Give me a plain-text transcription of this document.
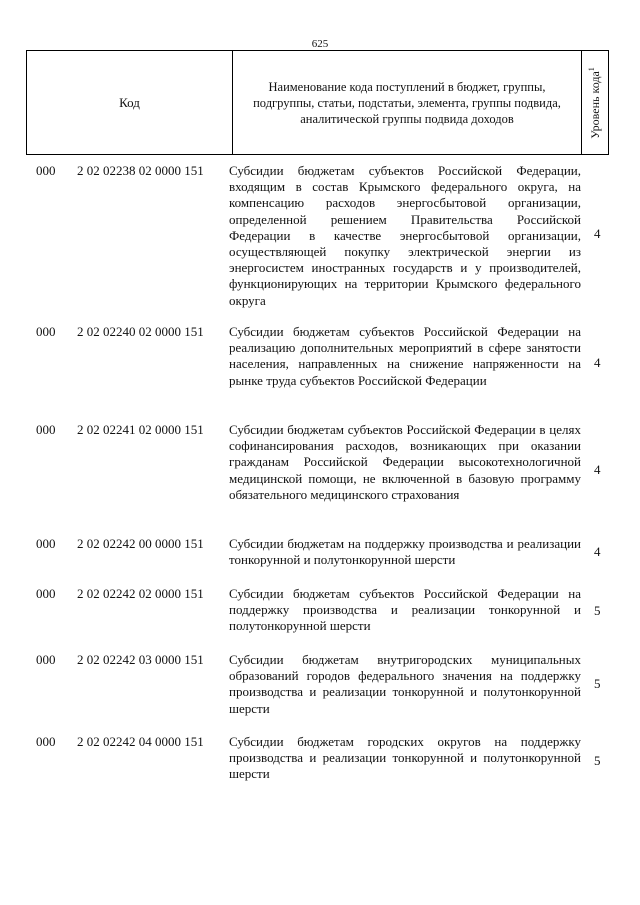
625
Код
Наименование кода поступлений в бюджет, группы, подгруппы, статьи, подстатьи, элемента, группы подвида, аналитической группы подвида доходов	Уровень кода$^1$
000 2 02 02238 02 0000 151 Субсидии бюджетам субъектов Российской Федерации, входящим в состав Крымского федерального округа, на компенсацию расходов энергосбытовой организации, определенной решением Правительства Российской Федерации в качестве энергосбытовой организации, осуществляющей покупку электрической энергии из энергосистем иностранных государств и у производителей, функционирующих на территории Крымского федерального округа
4
000 2 02 02240 02 0000 151 Субсидии бюджетам субъектов Российской Федерации на реализацию дополнительных мероприятий в сфере занятости населения, направленных на снижение напряженности на рынке труда субъектов Российской Федерации
4
000 2 02 02241 02 0000 151 Субсидии бюджетам субъектов Российской Федерации в целях софинансирования расходов, возникающих при оказании гражданам Российской Федерации высокотехнологичной медицинской помощи, не включенной в базовую программу обязательного медицинского страхования
4
000 2 02 02242 00 0000 151 Субсидии бюджетам на поддержку производства и реализации тонкорунной и полутонкорунной шерсти
4
000 2 02 02242 02 0000 151 Субсидии бюджетам субъектов Российской Федерации на поддержку производства и реализации тонкорунной и полутонкорунной шерсти
5
000 2 02 02242 03 0000 151 Субсидии бюджетам внутригородских муниципальных образований городов федерального значения на поддержку производства и реализации тонкорунной и полутонкорунной шерсти
5
000 2 02 02242 04 0000 151 Субсидии бюджетам городских округов на поддержку производства и реализации тонкорунной и полутонкорунной шерсти
5
